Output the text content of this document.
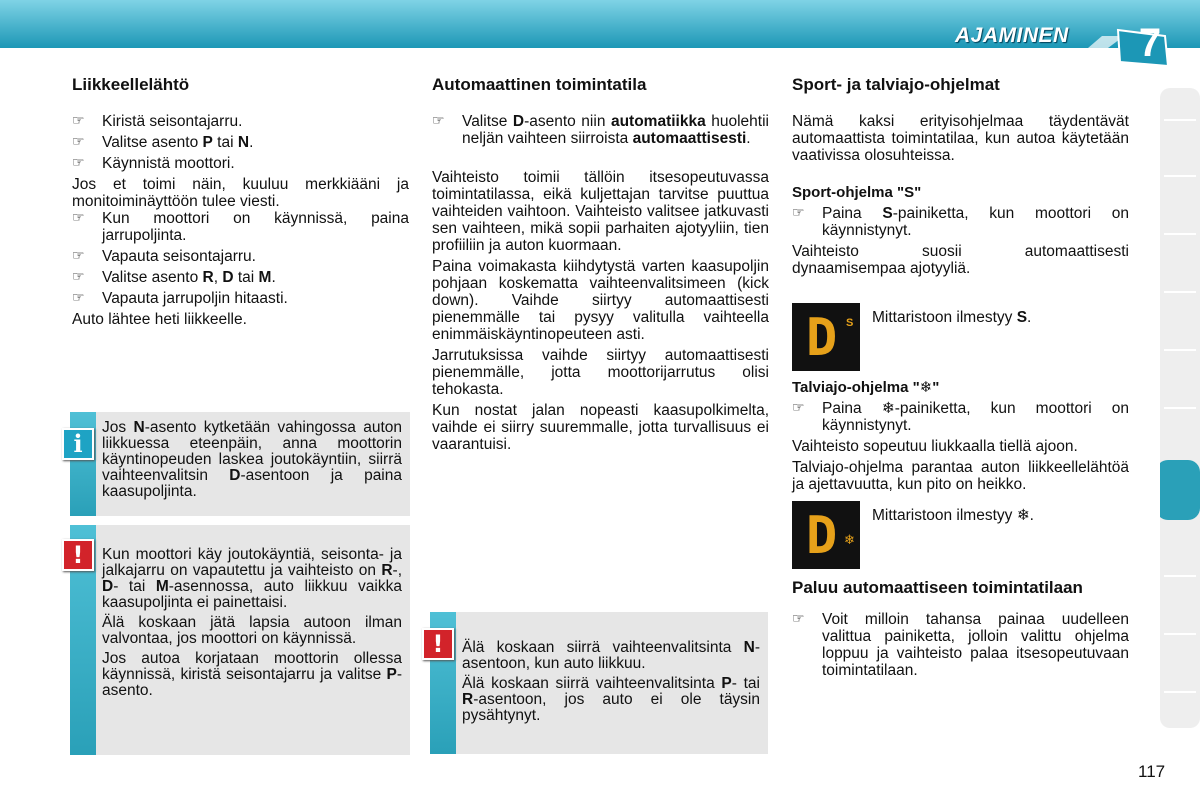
AJAMINEN 7
Liikkeellelähtö
☞	Kiristä seisontajarru.
☞	Valitse asento P tai N.
☞	Käynnistä moottori.

Jos et toimi näin, kuuluu merkkiääni ja monitoiminäyttöön tulee viesti.

☞	Kun moottori on käynnissä, paina jarrupoljinta.
☞	Vapauta seisontajarru.
☞	Valitse asento R, D tai M.
☞	Vapauta jarrupoljin hitaasti.

Auto lähtee heti liikkeelle.

i

Jos N-asento kytketään vahingossa auton liikkuessa eteenpäin, anna moottorin käyntinopeuden laskea joutokäyntiin, siirrä vaihteenvalitsin D-asentoon ja paina kaasupoljinta.

!	Kun moottori käy joutokäyntiä, seisonta- ja jalkajarru on vapautettu ja vaihteisto on R-, D- tai M-asennossa, auto liikkuu vaikka kaasupoljinta ei painettaisi.

Älä koskaan jätä lapsia autoon ilman valvontaa, jos moottori on käynnissä.

Jos autoa korjataan moottorin ollessa käynnissä, kiristä seisontajarru ja valitse P-asento.

Automaattinen toimintatila
☞	Valitse D-asento niin automatiikka huolehtii neljän vaihteen siirroista automaattisesti.

Vaihteisto toimii tällöin itsesopeutuvassa toimintatilassa, eikä kuljettajan tarvitse puuttua vaihteiden vaihtoon. Vaihteisto valitsee jatkuvasti sen vaihteen, mikä sopii parhaiten ajotyyliin, tien profiiliin ja auton kuormaan.

Paina voimakasta kiihdytystä varten kaasupoljin pohjaan koskematta vaihteenvalitsimeen (kick down). Vaihde siirtyy automaattisesti pienemmälle tai pysyy valitulla vaihteella enimmäiskäyntinopeuteen asti.

Jarrutuksissa vaihde siirtyy automaattisesti pienemmälle, jotta moottorijarrutus olisi tehokasta.

Kun nostat jalan nopeasti kaasupolkimelta, vaihde ei siirry suuremmalle, jotta turvallisuus ei vaarantuisi.

!	Älä koskaan siirrä vaihteenvalitsinta N-asentoon, kun auto liikkuu.

Älä koskaan siirrä vaihteenvalitsinta P- tai R-asentoon, jos auto ei ole täysin pysähtynyt.

Sport- ja talviajo-ohjelmat

Nämä kaksi erityisohjelmaa täydentävät automaattista toimintatilaa, kun autoa käytetään vaativissa olosuhteissa.

Sport-ohjelma "S"
☞	Paina S-painiketta, kun moottori on käynnistynyt.

Vaihteisto suosii automaattisesti dynaamisempaa ajotyyliä.

D S Mittaristoon ilmestyy S.
Talviajo-ohjelma "❄"
☞	Paina ❄-painiketta, kun moottori on käynnistynyt.

Vaihteisto sopeutuu liukkaalla tiellä ajoon.

Talviajo-ohjelma parantaa auton liikkeellelähtöä ja ajettavuutta, kun pito on heikko.

D ❄
Mittaristoon ilmestyy ❄.
Paluu automaattiseen toimintatilaan
☞	Voit milloin tahansa painaa uudelleen valittua painiketta, jolloin valittu ohjelma loppuu ja vaihteisto palaa itsesopeutuvaan toimintatilaan.
117
